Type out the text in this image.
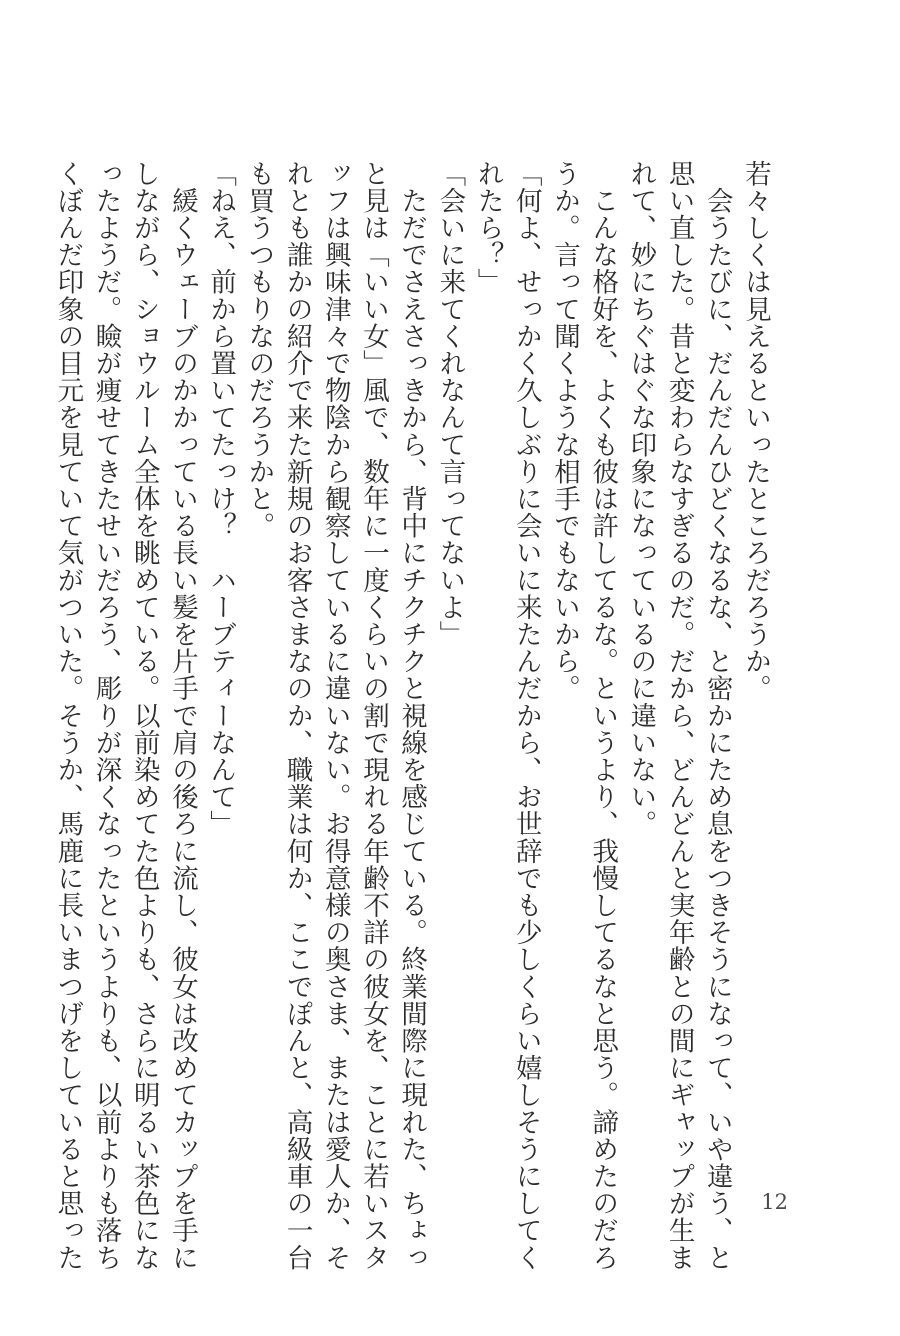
若々しくは見えるといったところだろうか。

　会うたびに、だんだんひどくなるな、と密かにため息をつきそうになって、いや違う、と

思い直した。昔と変わらなすぎるのだ。だから、どんどんと実年齢との間にギャップが生ま

れて、妙にちぐはぐな印象になっているのに違いない。

　こんな格好を、よくも彼は許してるな。というより、我慢してるなと思う。諦めたのだろ

うか。言って聞くような相手でもないから。

「何よ、せっかく久しぶりに会いに来たんだから、お世辞でも少しくらい嬉しそうにしてく

れたら？」

「会いに来てくれなんて言ってないよ」

　ただでさえさっきから、背中にチクチクと視線を感じている。終業間際に現れた、ちょっ

と見は「いい女」風で、数年に一度くらいの割で現れる年齢不詳の彼女を、ことに若いスタ

ッフは興味津々で物陰から観察しているに違いない。お得意様の奥さま、または愛人か、そ

れとも誰かの紹介で来た新規のお客さまなのか、職業は何か、ここでぽんと、高級車の一台

も買うつもりなのだろうかと。

「ねえ、前から置いてたっけ？　ハーブティーなんて」

　緩くウェーブのかかっている長い髪を片手で肩の後ろに流し、彼女は改めてカップを手に

しながら、ショウルーム全体を眺めている。以前染めてた色よりも、さらに明るい茶色にな

ったようだ。瞼が痩せてきたせいだろう、彫りが深くなったというよりも、以前よりも落ち

くぼんだ印象の目元を見ていて気がついた。そうか、馬鹿に長いまつげをしていると思った	12
